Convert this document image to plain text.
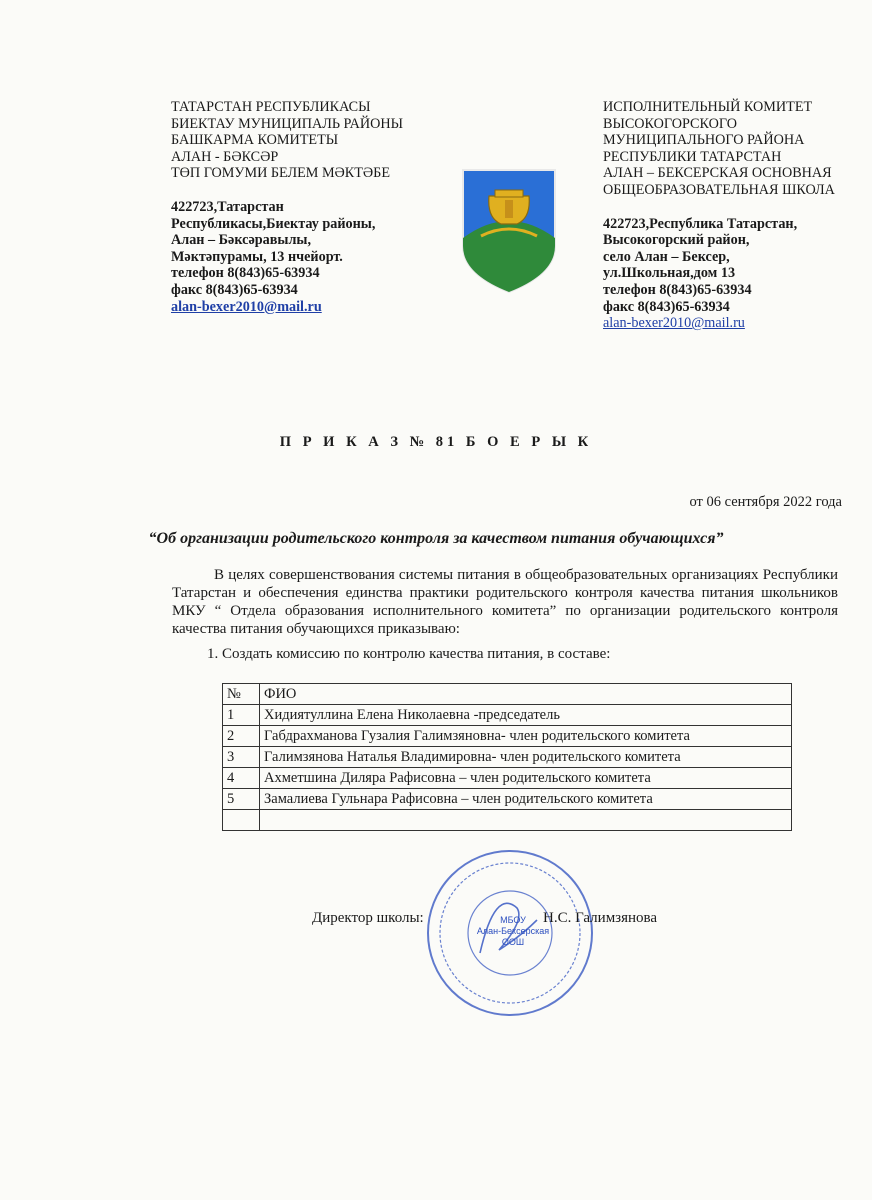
ТАТАРСТАН РЕСПУБЛИКАСЫ
БИЕКТАУ МУНИЦИПАЛЬ РАЙОНЫ
БАШКАРМА КОМИТЕТЫ
АЛАН - БӘКСӘР
ТӨП ГОМУМИ БЕЛЕМ МӘКТӘБЕ
422723,Татарстан
Республикасы,Биектау районы,
Алан – Бәксәравылы,
Мәктәпурамы, 13 нчейорт.
телефон 8(843)65-63934
факс 8(843)65-63934
alan-bexer2010@mail.ru
ИСПОЛНИТЕЛЬНЫЙ КОМИТЕТ
ВЫСОКОГОРСКОГО
МУНИЦИПАЛЬНОГО РАЙОНА
РЕСПУБЛИКИ ТАТАРСТАН
АЛАН – БЕКСЕРСКАЯ ОСНОВНАЯ
ОБЩЕОБРАЗОВАТЕЛЬНАЯ ШКОЛА
422723,Республика Татарстан,
Высокогорский район,
село Алан – Бексер,
ул.Школьная,дом 13
телефон 8(843)65-63934
факс 8(843)65-63934
alan-bexer2010@mail.ru
П Р И К А З № 81 Б О Е Р Ы К
от 06 сентября 2022 года
“Об организации родительского контроля за качеством питания обучающихся”

В целях совершенствования системы питания в общеобразовательных организациях Республики Татарстан и обеспечения единства практики родительского контроля качества питания школьников МКУ “ Отдела образования исполнительного комитета” по организации родительского контроля качества питания обучающихся приказываю:

1. Создать комиссию по контролю качества питания, в составе:
№	ФИО
1	Хидиятуллина Елена Николаевна -председатель
2	Габдрахманова Гузалия Галимзяновна- член родительского комитета
3	Галимзянова Наталья Владимировна- член родительского комитета
4	Ахметшина Диляра Рафисовна – член родительского комитета
5	Замалиева Гульнара Рафисовна – член родительского комитета

МБОУ
Алан-Бексерская ООШ
Директор школы:	Н.С. Галимзянова
